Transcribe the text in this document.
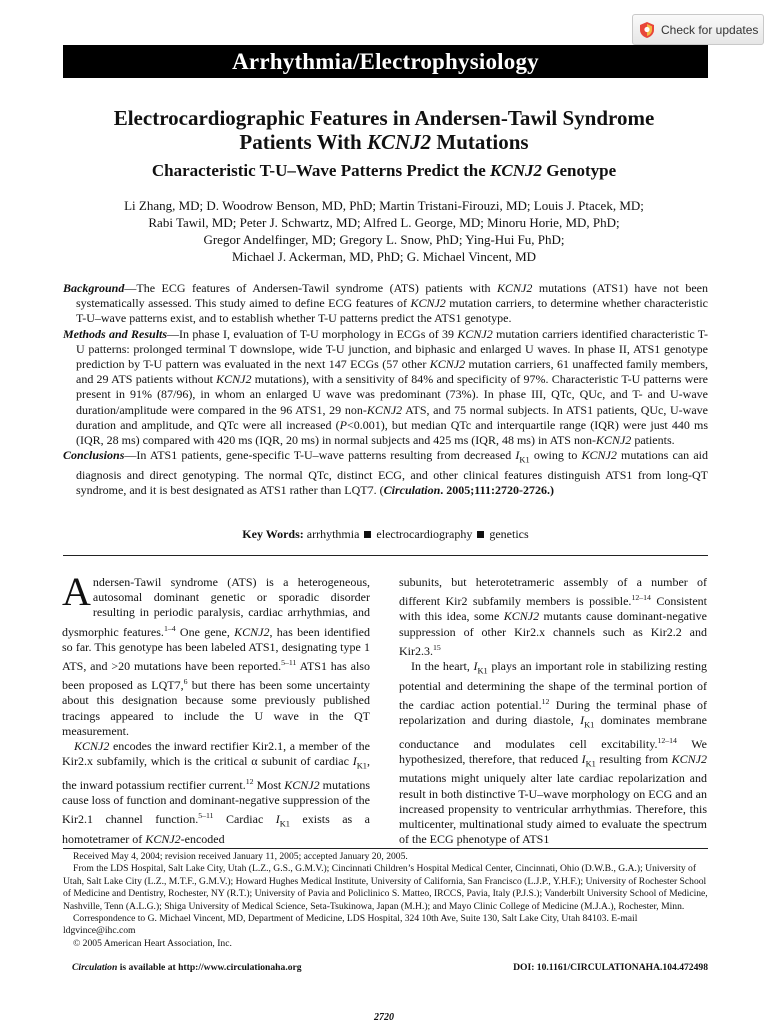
Check for updates
Arrhythmia/Electrophysiology
Electrocardiographic Features in Andersen-Tawil Syndrome
Patients With KCNJ2 Mutations
Characteristic T-U–Wave Patterns Predict the KCNJ2 Genotype

Li Zhang, MD; D. Woodrow Benson, MD, PhD; Martin Tristani-Firouzi, MD; Louis J. Ptacek, MD;
Rabi Tawil, MD; Peter J. Schwartz, MD; Alfred L. George, MD; Minoru Horie, MD, PhD;
Gregor Andelfinger, MD; Gregory L. Snow, PhD; Ying-Hui Fu, PhD;
Michael J. Ackerman, MD, PhD; G. Michael Vincent, MD

Background—The ECG features of Andersen-Tawil syndrome (ATS) patients with KCNJ2 mutations (ATS1) have not been systematically assessed. This study aimed to define ECG features of KCNJ2 mutation carriers, to determine whether characteristic T-U–wave patterns exist, and to establish whether T-U patterns predict the ATS1 genotype.

Methods and Results—In phase I, evaluation of T-U morphology in ECGs of 39 KCNJ2 mutation carriers identified characteristic T-U patterns: prolonged terminal T downslope, wide T-U junction, and biphasic and enlarged U waves. In phase II, ATS1 genotype prediction by T-U pattern was evaluated in the next 147 ECGs (57 other KCNJ2 mutation carriers, 61 unaffected family members, and 29 ATS patients without KCNJ2 mutations), with a sensitivity of 84% and specificity of 97%. Characteristic T-U patterns were present in 91% (87/96), in whom an enlarged U wave was predominant (73%). In phase III, QTc, QUc, and T- and U-wave duration/amplitude were compared in the 96 ATS1, 29 non-KCNJ2 ATS, and 75 normal subjects. In ATS1 patients, QUc, U-wave duration and amplitude, and QTc were all increased (P<0.001), but median QTc and interquartile range (IQR) were just 440 ms (IQR, 28 ms) compared with 420 ms (IQR, 20 ms) in normal subjects and 425 ms (IQR, 48 ms) in ATS non-KCNJ2 patients.

Conclusions—In ATS1 patients, gene-specific T-U–wave patterns resulting from decreased $I_{K1}$ owing to KCNJ2 mutations can aid diagnosis and direct genotyping. The normal QTc, distinct ECG, and other clinical features distinguish ATS1 from long-QT syndrome, and it is best designated as ATS1 rather than LQT7. (Circulation. 2005;111:2720-2726.)

Key Words: arrhythmia electrocardiography genetics

Andersen-Tawil syndrome (ATS) is a heterogeneous, autosomal dominant genetic or sporadic disorder resulting in periodic paralysis, cardiac arrhythmias, and dysmorphic features.$^{1-4}$ One gene, KCNJ2, has been identified so far. This genotype has been labeled ATS1, designating type 1 ATS, and >20 mutations have been reported.$^{5-11}$ ATS1 has also been proposed as LQT7,$^6$ but there has been some uncertainty about this designation because some previously published tracings appeared to include the U wave in the QT measurement.

KCNJ2 encodes the inward rectifier Kir2.1, a member of the Kir2.x subfamily, which is the critical α subunit of cardiac $I_{K1}$, the inward potassium rectifier current.$^{12}$ Most KCNJ2 mutations cause loss of function and dominant-negative suppression of the Kir2.1 channel function.$^{5-11}$ Cardiac $I_{K1}$ exists as a homotetramer of KCNJ2-encoded

subunits, but heterotetrameric assembly of a number of different Kir2 subfamily members is possible.$^{12-14}$ Consistent with this idea, some KCNJ2 mutants cause dominant-negative suppression of other Kir2.x channels such as Kir2.2 and Kir2.3.15

In the heart, $I_{K1}$ plays an important role in stabilizing resting potential and determining the shape of the terminal portion of the cardiac action potential.$^{12}$ During the terminal phase of repolarization and during diastole, $I_{K1}$ dominates membrane conductance and modulates cell excitability.$^{12-14}$ We hypothesized, therefore, that reduced $I_{K1}$ resulting from KCNJ2 mutations might uniquely alter late cardiac repolarization and result in both distinctive T-U–wave morphology on ECG and an increased propensity to ventricular arrhythmias. Therefore, this multicenter, multinational study aimed to evaluate the spectrum of the ECG phenotype of ATS1

Received May 4, 2004; revision received January 11, 2005; accepted January 20, 2005.

From the LDS Hospital, Salt Lake City, Utah (L.Z., G.S., G.M.V.); Cincinnati Children’s Hospital Medical Center, Cincinnati, Ohio (D.W.B., G.A.); University of Utah, Salt Lake City (L.Z., M.T.F., G.M.V.); Howard Hughes Medical Institute, University of California, San Francisco (L.J.P., Y.H.F.); University of Rochester School of Medicine and Dentistry, Rochester, NY (R.T.); University of Pavia and Policlinico S. Matteo, IRCCS, Pavia, Italy (P.J.S.); Vanderbilt University School of Medicine, Nashville, Tenn (A.L.G.); Shiga University of Medical Science, Seta-Tsukinowa, Japan (M.H.); and Mayo Clinic College of Medicine (M.J.A.), Rochester, Minn.

Correspondence to G. Michael Vincent, MD, Department of Medicine, LDS Hospital, 324 10th Ave, Suite 130, Salt Lake City, Utah 84103. E-mail ldgvince@ihc.com

© 2005 American Heart Association, Inc.

Circulation is available at http://www.circulationaha.org	DOI: 10.1161/CIRCULATIONAHA.104.472498
2720
